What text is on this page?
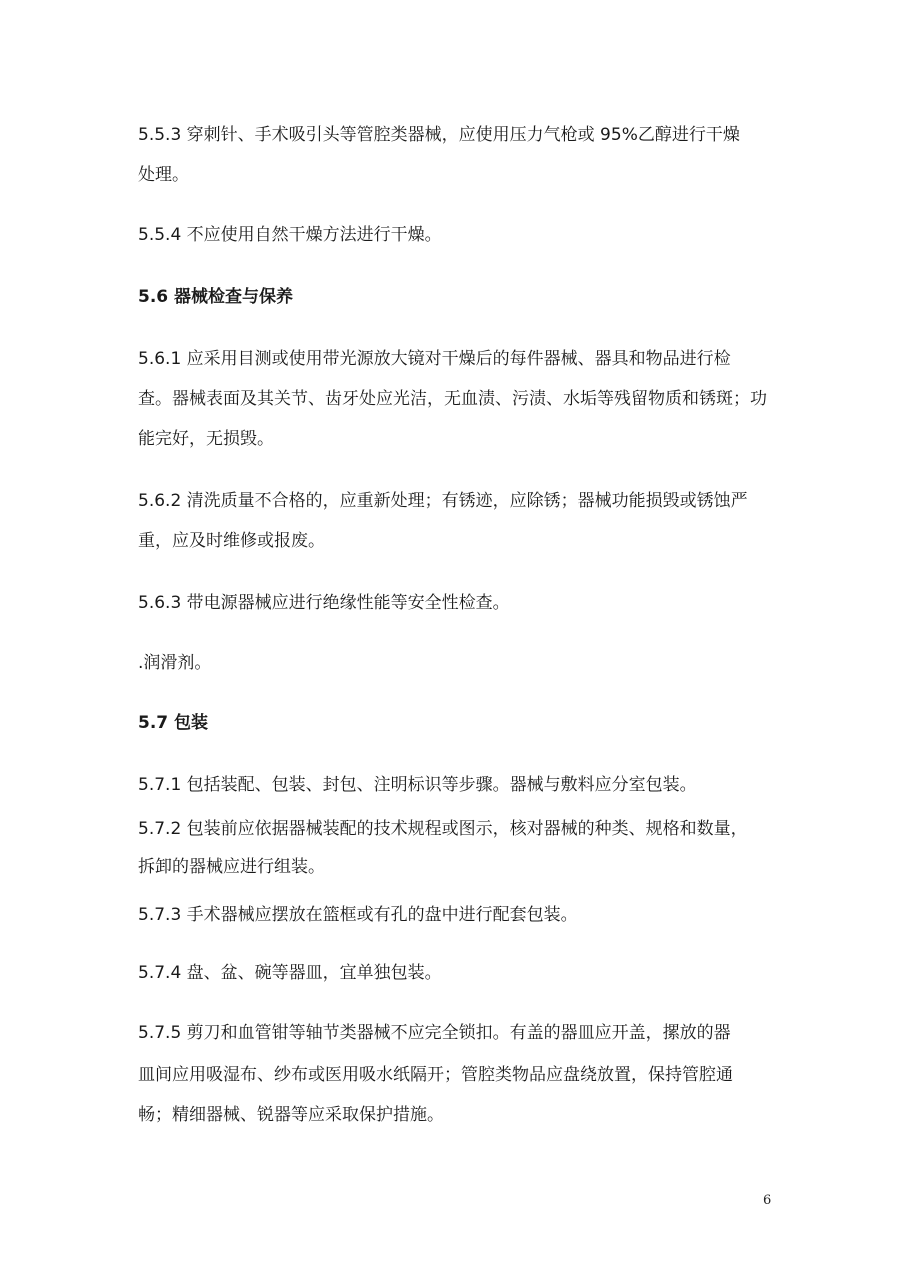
5.5.3 穿刺针、手术吸引头等管腔类器械，应使用压力气枪或 95%乙醇进行干燥
处理。
5.5.4 不应使用自然干燥方法进行干燥。
5.6 器械检查与保养
5.6.1 应采用目测或使用带光源放大镜对干燥后的每件器械、器具和物品进行检
查。器械表面及其关节、齿牙处应光洁，无血渍、污渍、水垢等残留物质和锈斑；功
能完好，无损毁。
5.6.2 清洗质量不合格的，应重新处理；有锈迹，应除锈；器械功能损毁或锈蚀严
重，应及时维修或报废。
5.6.3 带电源器械应进行绝缘性能等安全性检查。
.润滑剂。
5.7 包装
5.7.1 包括装配、包装、封包、注明标识等步骤。器械与敷料应分室包装。
5.7.2 包装前应依据器械装配的技术规程或图示，核对器械的种类、规格和数量，
拆卸的器械应进行组装。
5.7.3 手术器械应摆放在篮框或有孔的盘中进行配套包装。
5.7.4 盘、盆、碗等器皿，宜单独包装。
5.7.5 剪刀和血管钳等轴节类器械不应完全锁扣。有盖的器皿应开盖，摞放的器
皿间应用吸湿布、纱布或医用吸水纸隔开；管腔类物品应盘绕放置，保持管腔通
畅；精细器械、锐器等应采取保护措施。
6
